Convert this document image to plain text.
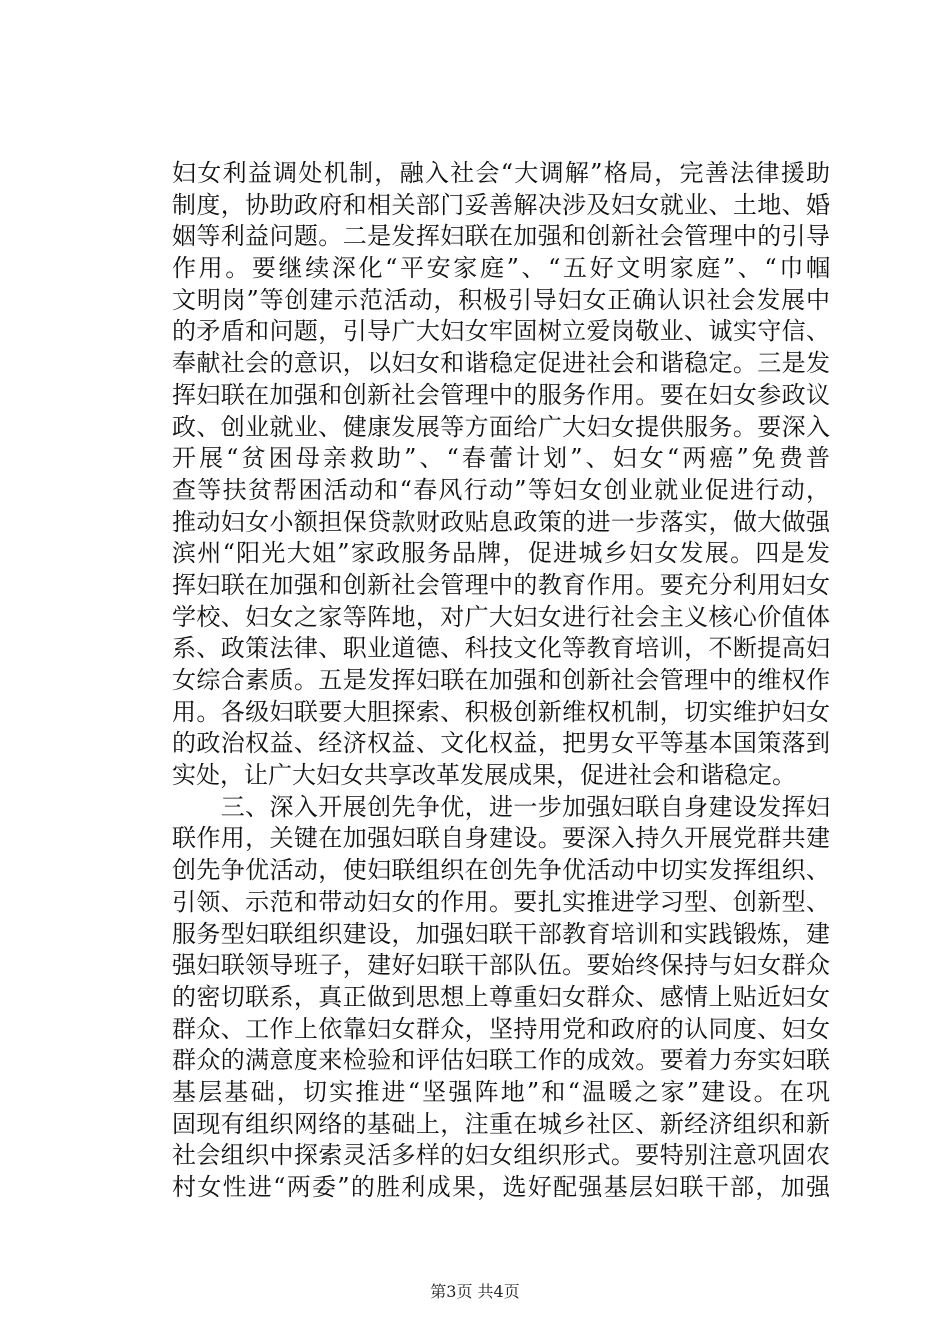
妇女利益调处机制，融入社会“大调解”格局，完善法律援助
制度，协助政府和相关部门妥善解决涉及妇女就业、土地、婚
姻等利益问题。二是发挥妇联在加强和创新社会管理中的引导
作用。要继续深化“平安家庭”、“五好文明家庭”、“巾帼
文明岗”等创建示范活动，积极引导妇女正确认识社会发展中
的矛盾和问题，引导广大妇女牢固树立爱岗敬业、诚实守信、
奉献社会的意识，以妇女和谐稳定促进社会和谐稳定。三是发
挥妇联在加强和创新社会管理中的服务作用。要在妇女参政议
政、创业就业、健康发展等方面给广大妇女提供服务。要深入
开展“贫困母亲救助”、“春蕾计划”、妇女“两癌”免费普
查等扶贫帮困活动和“春风行动”等妇女创业就业促进行动，
推动妇女小额担保贷款财政贴息政策的进一步落实，做大做强
滨州“阳光大姐”家政服务品牌，促进城乡妇女发展。四是发
挥妇联在加强和创新社会管理中的教育作用。要充分利用妇女
学校、妇女之家等阵地，对广大妇女进行社会主义核心价值体
系、政策法律、职业道德、科技文化等教育培训，不断提高妇
女综合素质。五是发挥妇联在加强和创新社会管理中的维权作
用。各级妇联要大胆探索、积极创新维权机制，切实维护妇女
的政治权益、经济权益、文化权益，把男女平等基本国策落到
实处，让广大妇女共享改革发展成果，促进社会和谐稳定。
　　三、深入开展创先争优，进一步加强妇联自身建设发挥妇
联作用，关键在加强妇联自身建设。要深入持久开展党群共建
创先争优活动，使妇联组织在创先争优活动中切实发挥组织、
引领、示范和带动妇女的作用。要扎实推进学习型、创新型、
服务型妇联组织建设，加强妇联干部教育培训和实践锻炼，建
强妇联领导班子，建好妇联干部队伍。要始终保持与妇女群众
的密切联系，真正做到思想上尊重妇女群众、感情上贴近妇女
群众、工作上依靠妇女群众，坚持用党和政府的认同度、妇女
群众的满意度来检验和评估妇联工作的成效。要着力夯实妇联
基层基础，切实推进“坚强阵地”和“温暖之家”建设。在巩
固现有组织网络的基础上，注重在城乡社区、新经济组织和新
社会组织中探索灵活多样的妇女组织形式。要特别注意巩固农
村女性进“两委”的胜利成果，选好配强基层妇联干部，加强
第3页 共4页
